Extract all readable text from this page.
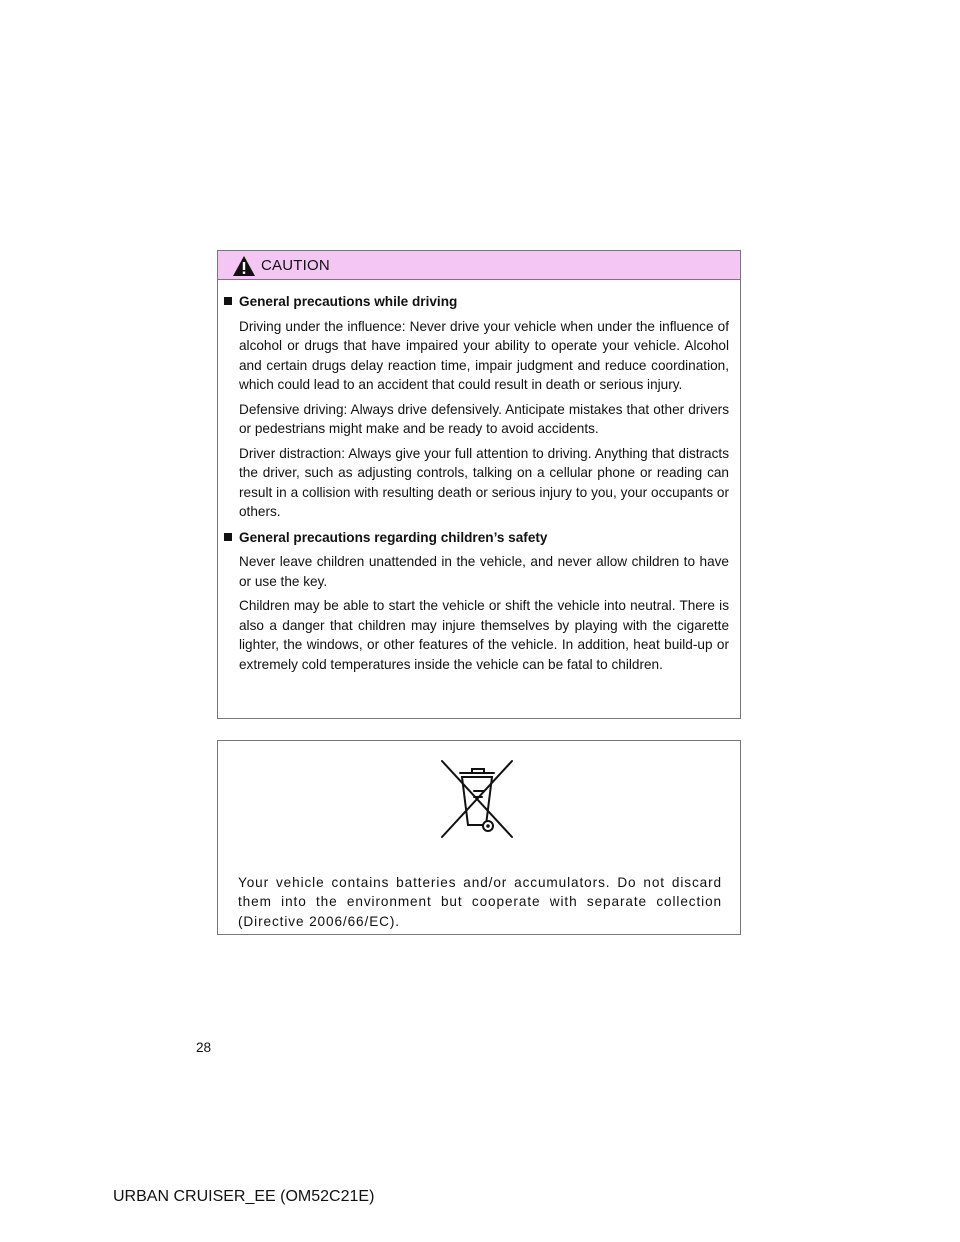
CAUTION
General precautions while driving

Driving under the influence: Never drive your vehicle when under the influence of alcohol or drugs that have impaired your ability to operate your vehicle. Alcohol and certain drugs delay reaction time, impair judgment and reduce coordination, which could lead to an accident that could result in death or serious injury.

Defensive driving: Always drive defensively. Anticipate mistakes that other drivers or pedestrians might make and be ready to avoid accidents.

Driver distraction: Always give your full attention to driving. Anything that distracts the driver, such as adjusting controls, talking on a cellular phone or reading can result in a collision with resulting death or serious injury to you, your occupants or others.

General precautions regarding children’s safety

Never leave children unattended in the vehicle, and never allow children to have or use the key.

Children may be able to start the vehicle or shift the vehicle into neutral. There is also a danger that children may injure themselves by playing with the cigarette lighter, the windows, or other features of the vehicle. In addition, heat build-up or extremely cold temperatures inside the vehicle can be fatal to children.

Your vehicle contains batteries and/or accumulators. Do not discard them into the environment but cooperate with separate collection (Directive 2006/66/EC).

28
URBAN CRUISER_EE (OM52C21E)
